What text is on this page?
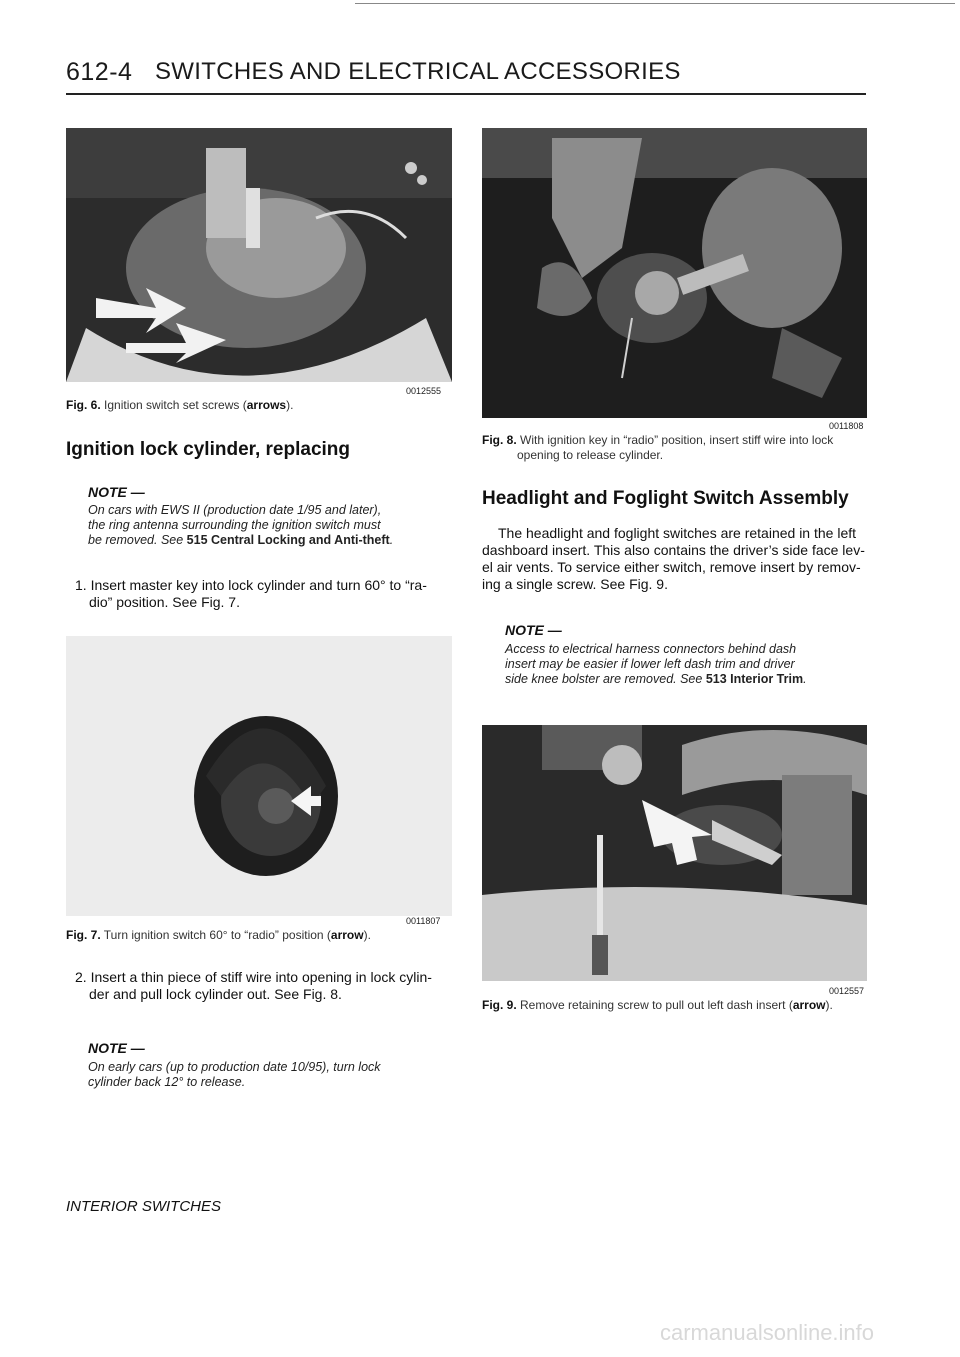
612-4 SWITCHES AND ELECTRICAL ACCESSORIES
0012555
Fig. 6. Ignition switch set screws (arrows).
Ignition lock cylinder, replacing
NOTE —
On cars with EWS II (production date 1/95 and later),
the ring antenna surrounding the ignition switch must
be removed. See 515 Central Locking and Anti-theft.
1. Insert master key into lock cylinder and turn 60° to “ra-
dio” position. See Fig. 7.
0011807
Fig. 7. Turn ignition switch 60° to “radio” position (arrow).
2. Insert a thin piece of stiff wire into opening in lock cylin-
der and pull lock cylinder out. See Fig. 8.
NOTE —
On early cars (up to production date 10/95), turn lock
cylinder back 12° to release.
0011808
Fig. 8. With ignition key in “radio” position, insert stiff wire into lock
opening to release cylinder.
Headlight and Foglight Switch Assembly
The headlight and foglight switches are retained in the left
dashboard insert. This also contains the driver’s side face lev-
el air vents. To service either switch, remove insert by remov-
ing a single screw. See Fig. 9.
NOTE —
Access to electrical harness connectors behind dash
insert may be easier if lower left dash trim and driver
side knee bolster are removed. See 513 Interior Trim.
0012557
Fig. 9. Remove retaining screw to pull out left dash insert (arrow).
INTERIOR SWITCHES
carmanualsonline.info
